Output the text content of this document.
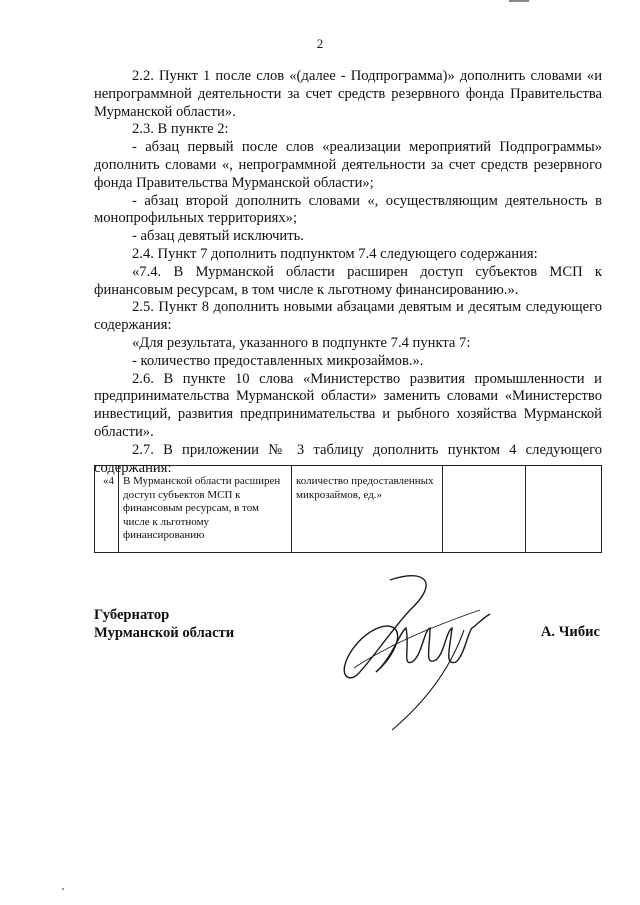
2

2.2. Пункт 1 после слов «(далее - Подпрограмма)» дополнить словами «и непрограммной деятельности за счет средств резервного фонда Правительства Мурманской области».

2.3. В пункте 2:

- абзац первый после слов «реализации мероприятий Подпрограммы» дополнить словами «, непрограммной деятельности за счет средств резервного фонда Правительства Мурманской области»;

- абзац второй дополнить словами «, осуществляющим деятельность в монопрофильных территориях»;

- абзац девятый исключить.

2.4. Пункт 7 дополнить подпунктом 7.4 следующего содержания:

«7.4. В Мурманской области расширен доступ субъектов МСП к финансовым ресурсам, в том числе к льготному финансированию.».

2.5. Пункт 8 дополнить новыми абзацами девятым и десятым следующего содержания:

«Для результата, указанного в подпункте 7.4 пункта 7:

- количество предоставленных микрозаймов.».

2.6. В пункте 10 слова «Министерство развития промышленности и предпринимательства Мурманской области» заменить словами «Министерство инвестиций, развития предпринимательства и рыбного хозяйства Мурманской области».

2.7. В приложении № 3 таблицу дополнить пунктом 4 следующего содержания:

«4	В Мурманской области расширен доступ субъектов МСП к финансовым ресурсам, в том числе к льготному финансированию	количество предоставленных микрозаймов, ед.»		
Губернатор
Мурманской области	А. Чибис
